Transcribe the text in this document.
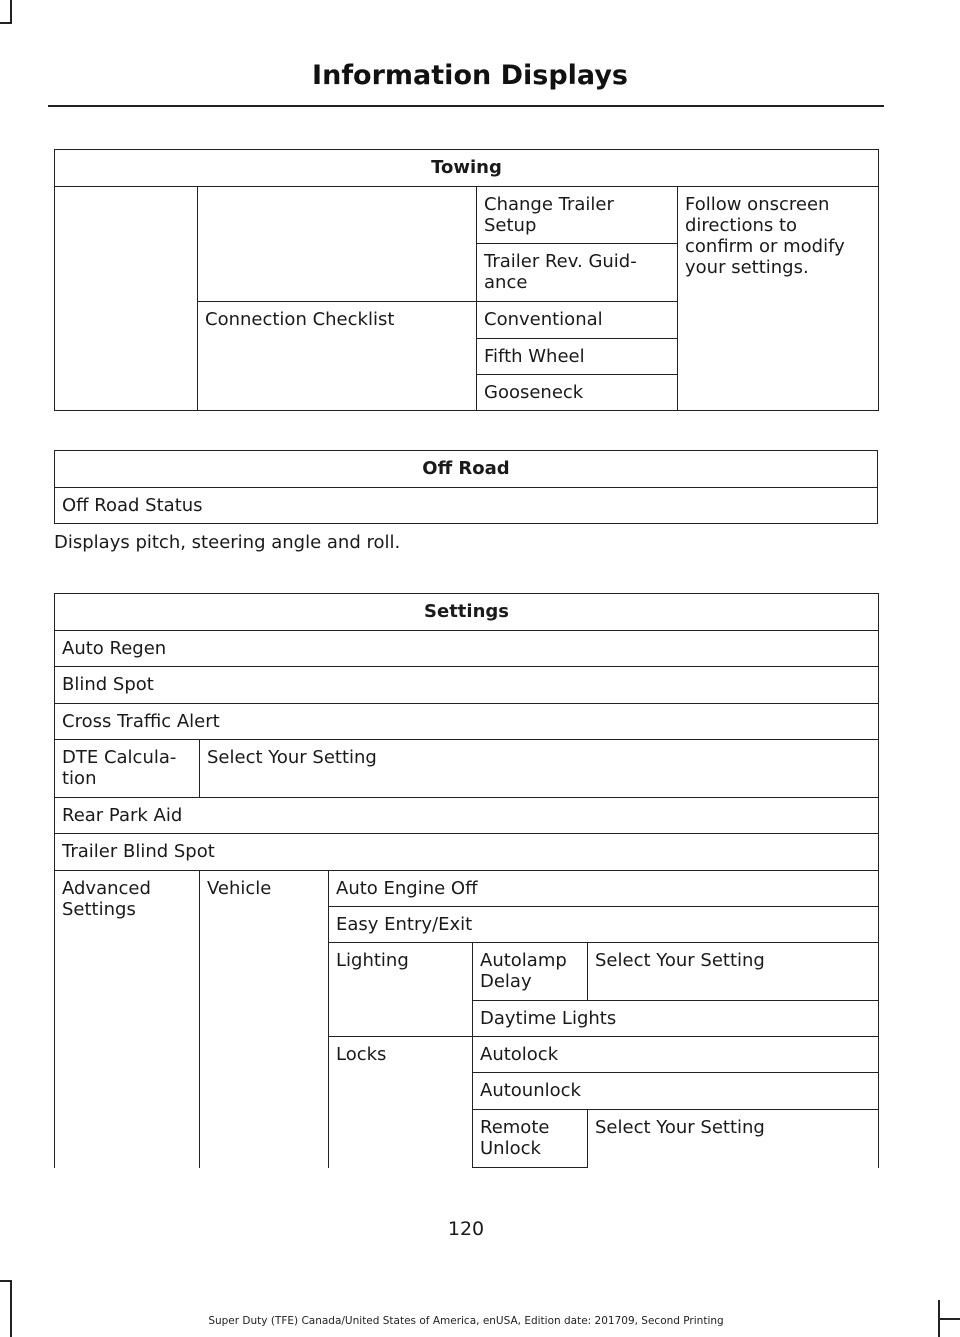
Information Displays
Towing			
		Change Trailer Setup	Follow onscreen directions to confirm or modify your settings.
		Trailer Rev. Guid-ance	
	Connection Checklist	Conventional	
		Fifth Wheel	
		Gooseneck	
Off Road
Off Road Status
Displays pitch, steering angle and roll.
Settings				
Auto Regen				
Blind Spot				
Cross Traffic Alert				
DTE Calcula-tion	Select Your Setting			
Rear Park Aid				
Trailer Blind Spot				
Advanced Settings	Vehicle	Auto Engine Off		
		Easy Entry/Exit		
		Lighting	Autolamp Delay	Select Your Setting
			Daytime Lights	
		Locks	Autolock	
			Autounlock	
			Remote Unlock	Select Your Setting
120
Super Duty (TFE) Canada/United States of America, enUSA, Edition date: 201709, Second Printing
